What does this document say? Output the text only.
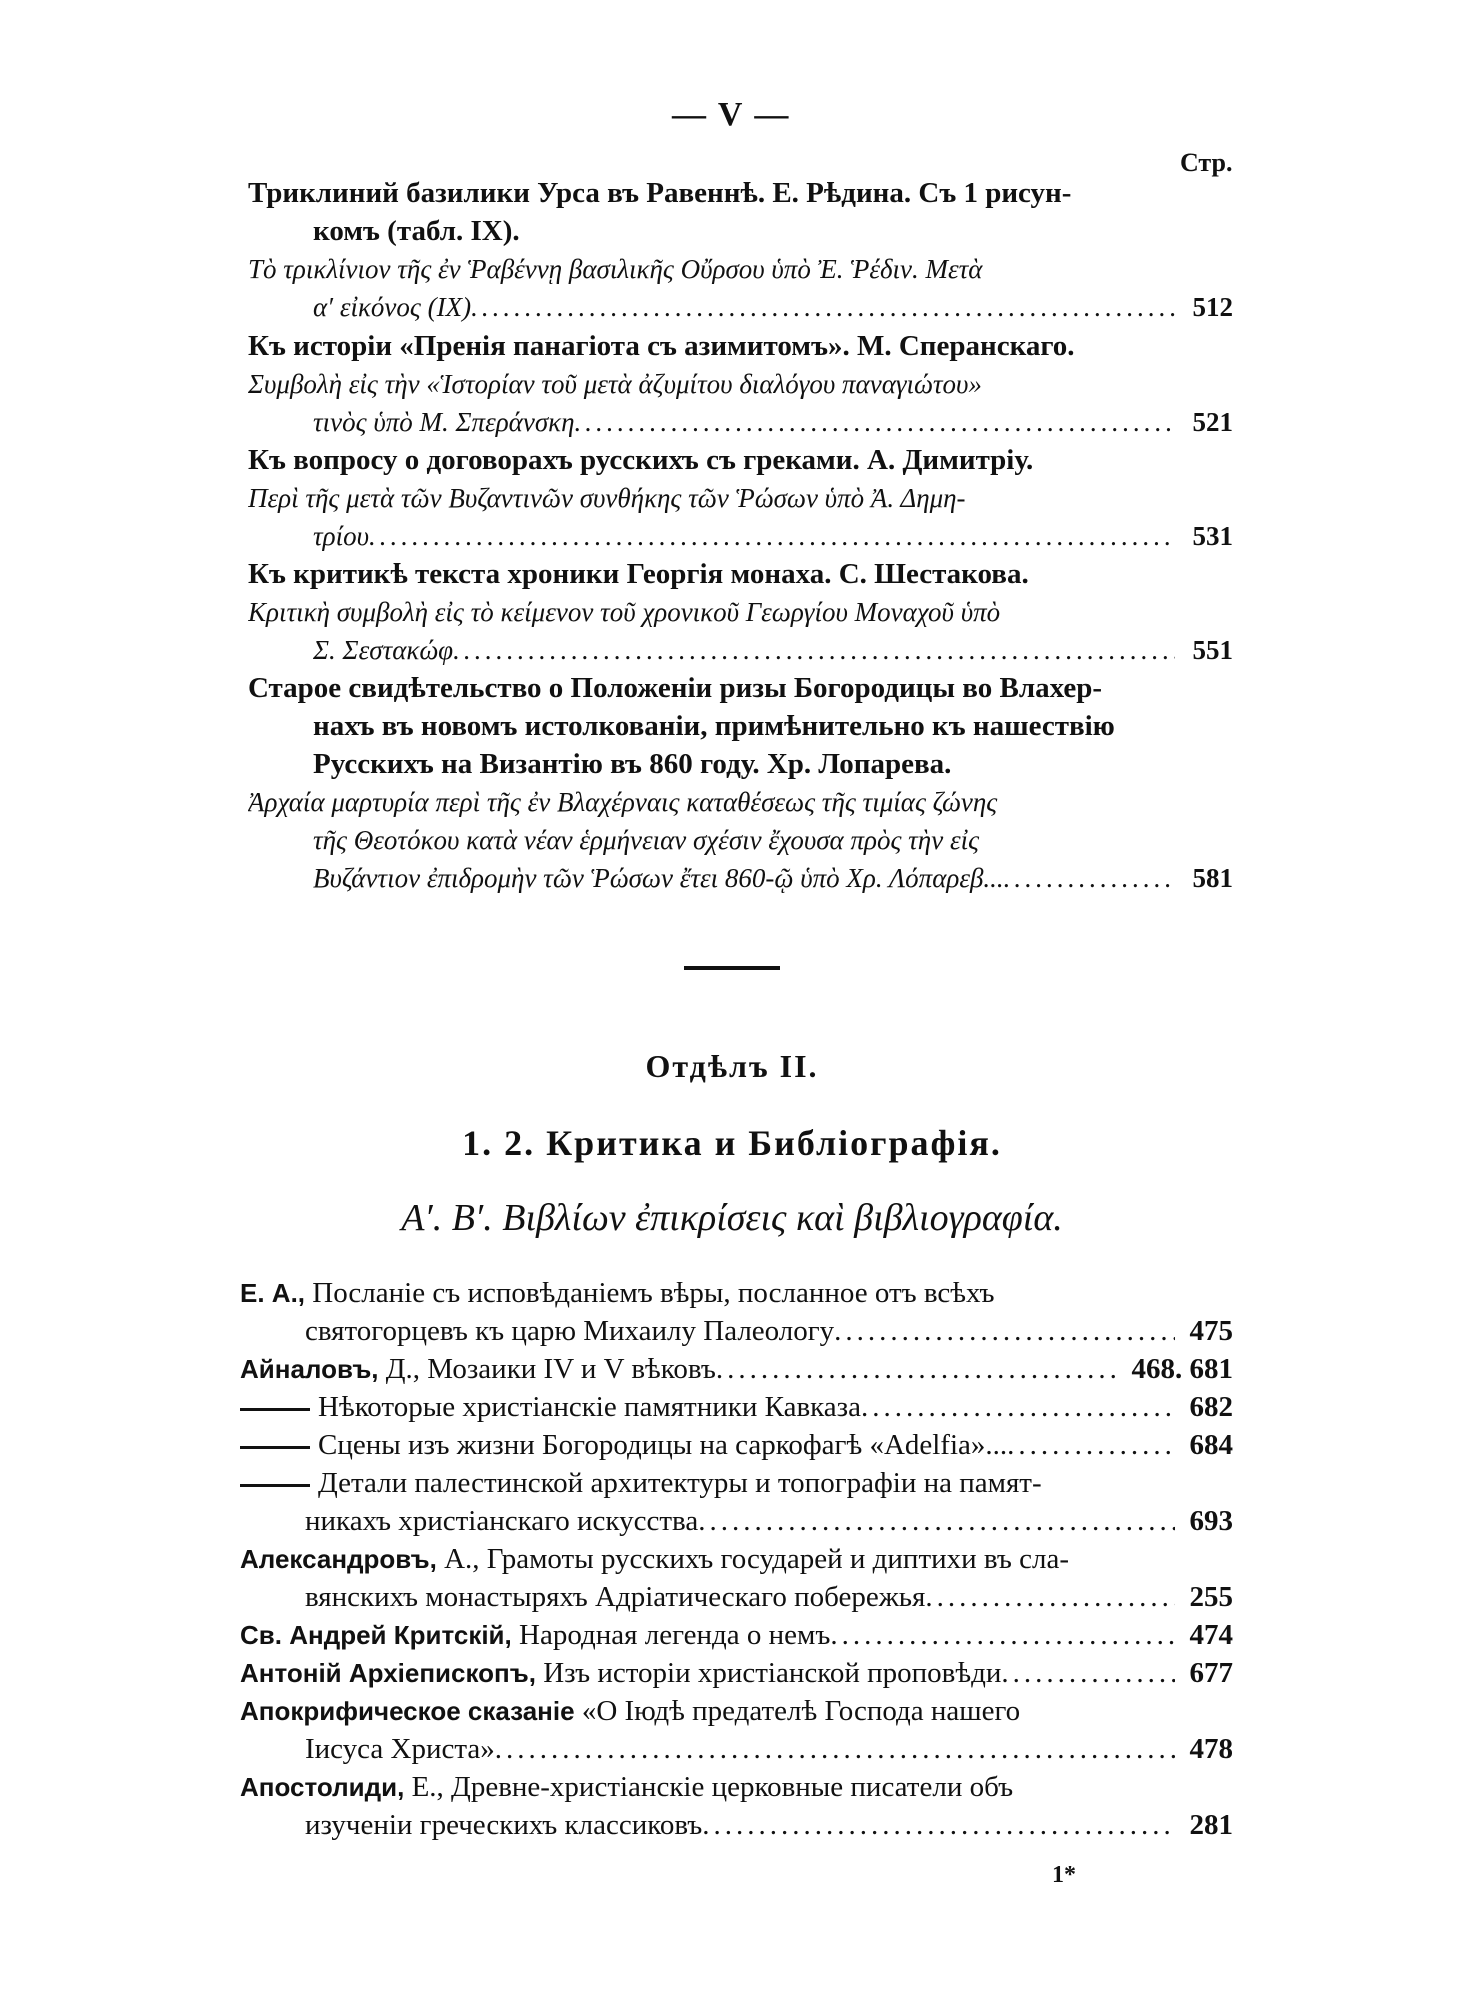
— V —
Стр.
Триклиний базилики Урса въ Равеннѣ. Е. Рѣдина. Съ 1 рисун-
комъ (табл. IX).
Τὸ τρικλίνιον τῆς ἐν Ῥαβέννῃ βασιλικῆς Οὔρσου ὑπὸ Ἐ. Ῥέδιν. Μετὰ
α′ εἰκόνος (IX) .....	512
Къ исторіи «Пренія панагіота съ азимитомъ». М. Сперанскаго.
Συμβολὴ εἰς τὴν «Ἱστορίαν τοῦ μετὰ ἀζυμίτου διαλόγου παναγιώτου»
τινὸς ὑπὸ Μ. Σπεράνσκη .....	521
Къ вопросу о договорахъ русскихъ съ греками. А. Димитріу.
Περὶ τῆς μετὰ τῶν Βυζαντινῶν συνθήκης τῶν Ῥώσων ὑπὸ Ἀ. Δημη-
τρίου .....	531
Къ критикѣ текста хроники Георгія монаха. С. Шестакова.
Κριτικὴ συμβολὴ εἰς τὸ κείμενον τοῦ χρονικοῦ Γεωργίου Μοναχοῦ ὑπὸ
Σ. Σεστακώφ .....	551
Старое свидѣтельство о Положеніи ризы Богородицы во Влахер-
нахъ въ новомъ истолкованіи, примѣнительно къ нашествію
Русскихъ на Византію въ 860 году. Хр. Лопарева.
Ἀρχαία μαρτυρία περὶ τῆς ἐν Βλαχέρναις καταθέσεως τῆς τιμίας ζώνης
τῆς Θεοτόκου κατὰ νέαν ἑρμήνειαν σχέσιν ἔχουσα πρὸς τὴν εἰς
Βυζάντιον ἐπιδρομὴν τῶν Ῥώσων ἔτει 860-ῷ ὑπὸ Χρ. Λόπαρεβ... .....	581
Отдѣлъ II.
1. 2. Критика и Библіографія.
Α′. Β′. Βιβλίων ἐπικρίσεις καὶ βιβλιογραφία.
Е. А., Посланіе съ исповѣданіемъ вѣры, посланное отъ всѣхъ
святогорцевъ къ царю Михаилу Палеологу .....	475
Айналовъ, Д., Мозаики IV и V вѣковъ .....	468. 681
Нѣкоторые христіанскіе памятники Кавказа .....	682
Сцены изъ жизни Богородицы на саркофагѣ «Adelfia»... .....	684
Детали палестинской архитектуры и топографіи на памят-
никахъ христіанскаго искусства .....	693
Александровъ, А., Грамоты русскихъ государей и диптихи въ сла-
вянскихъ монастыряхъ Адріатическаго побережья .....	255
Св. Андрей Критскій, Народная легенда о немъ .....	474
Антоній Архіепископъ, Изъ исторіи христіанской проповѣди .....	677
Апокрифическое сказаніе «О Іюдѣ предателѣ Господа нашего
Іисуса Христа» .....	478
Апостолиди, Е., Древне-христіанскіе церковные писатели объ
изученіи греческихъ классиковъ .....	281
1*
